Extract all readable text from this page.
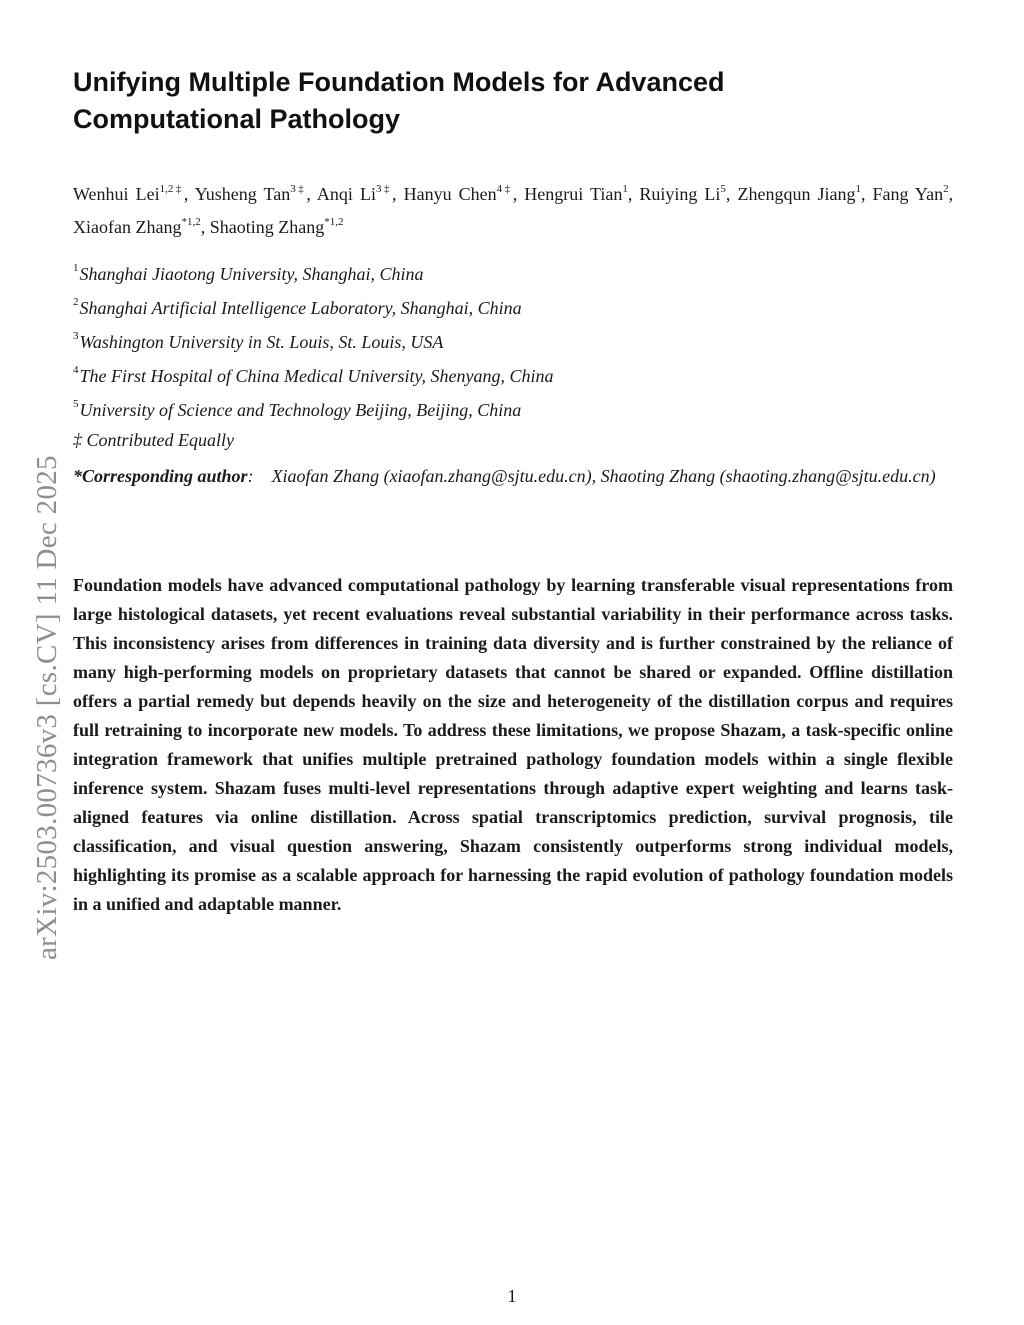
arXiv:2503.00736v3 [cs.CV] 11 Dec 2025
Unifying Multiple Foundation Models for Advanced
Computational Pathology
Wenhui Lei$^{1,2\ddagger}$, Yusheng Tan$^{3\ddagger}$, Anqi $Li^{3\ddagger}$, Hanyu Chen$^{4\ddagger}$, Hengrui Tian$^1$, Ruiying Li$^5$, Zhengqun Jiang$^1$, Fang Yan$^2$, Xiaofan Zhang$^{*1,2}$, Shaoting Zhang$^{*1,2}$
$^1$Shanghai Jiaotong University, Shanghai, China
$^2$Shanghai Artificial Intelligence Laboratory, Shanghai, China
$^3$Washington University in St. Louis, St. Louis, USA
$^4$The First Hospital of China Medical University, Shenyang, China
$^5$University of Science and Technology Beijing, Beijing, China
‡ Contributed Equally
*Corresponding author:    Xiaofan Zhang (xiaofan.zhang@sjtu.edu.cn), Shaoting Zhang (shaoting.zhang@sjtu.edu.cn)

Foundation models have advanced computational pathology by learning transferable visual representations from large histological datasets, yet recent evaluations reveal substantial variability in their performance across tasks. This inconsistency arises from differences in training data diversity and is further constrained by the reliance of many high-performing models on proprietary datasets that cannot be shared or expanded. Offline distillation offers a partial remedy but depends heavily on the size and heterogeneity of the distillation corpus and requires full retraining to incorporate new models. To address these limitations, we propose Shazam, a task-specific online integration framework that unifies multiple pretrained pathology foundation models within a single flexible inference system. Shazam fuses multi-level representations through adaptive expert weighting and learns task-aligned features via online distillation. Across spatial transcriptomics prediction, survival prognosis, tile classification, and visual question answering, Shazam consistently outperforms strong individual models, highlighting its promise as a scalable approach for harnessing the rapid evolution of pathology foundation models in a unified and adaptable manner.

1
